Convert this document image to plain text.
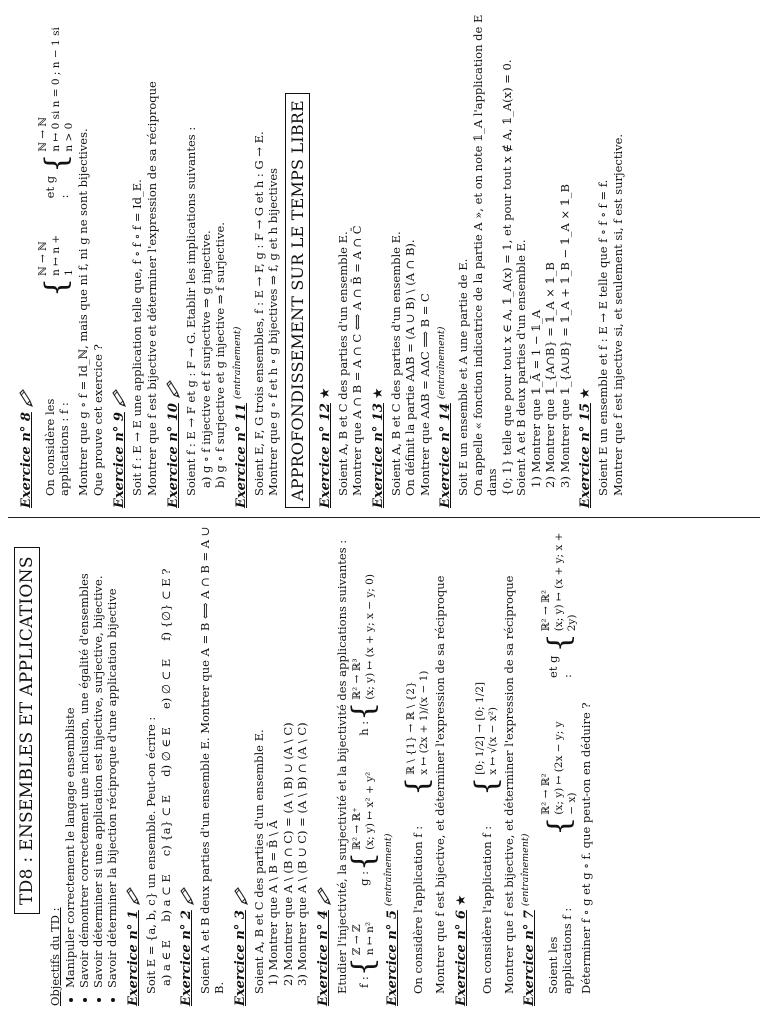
TD8 : ENSEMBLES ET APPLICATIONS
Objectifs du TD : • Manipuler correctement le langage ensembliste • Savoir démontrer correctement une inclusion, une égalité d'ensembles • Savoir déterminer si une application est injective, surjective, bijective. • Savoir déterminer la bijection réciproque d'une application bijective Exercice n° 1 Soit E = {a, b, c} un ensemble. Peut-on écrire : a) a ∈ E
b) a ⊂ E
c) {a} ⊂ E
d) ∅ ∈ E
e) ∅ ⊂ E
f) {∅} ⊂ E ?
Exercice n° 2 Soient A et B deux parties d'un ensemble E. Montrer que A = B ⟺ A ∩ B = A ∪ B. Exercice n° 3 Soient A, B et C des parties d'un ensemble E. 1) Montrer que A \ B = B̄ \ Ā 2) Montrer que A \ (B ∩ C) = (A \ B) ∪ (A \ C) 3) Montrer que A \ (B ∪ C) = (A \ B) ∩ (A \ C) Exercice n° 4 Etudier l'injectivité, la surjectivité et la bijectivité des applications suivantes : f :
{
ℤ → ℤ n ↦ n²
g :
{
ℝ² → ℝ⁺ (x; y) ↦ x² + y²
h :
{
ℝ² → ℝ³ (x; y) ↦ (x + y; x − y; 0)
Exercice n° 5
(entraînement) On considère l'application f :
{
ℝ \ {1} → ℝ \ {2} x ↦ (2x + 1)/(x − 1) Montrer que f est bijective, et déterminer l'expression de sa réciproque Exercice n° 6
★ On considère l'application f :
{
[0; 1/2] → [0; 1/2] x ↦ √(x − x²) Montrer que f est bijective, et déterminer l'expression de sa réciproque Exercice n° 7
(entraînement)
Soient les applications f :
{
ℝ² → ℝ² (x; y) ↦ (2x − y; y − x)
et g :
{
ℝ² → ℝ² (x; y) ↦ (x + y; x + 2y)
Déterminer f ∘ g et g ∘ f. que peut-on en déduire ?
Exercice n° 8 On considère les applications : f :
{
ℕ → ℕ n ↦ n + 1
et g :
{
ℕ → ℕ n ↦ 0 si n = 0 ; n − 1 si n > 0 Montrer que g ∘ f = Id_ℕ, mais que ni f, ni g ne sont bijectives. Que prouve cet exercice ? Exercice n° 9 Soit f : E → E une application telle que, f ∘ f ∘ f = Id_E. Montrer que f est bijective et déterminer l'expression de sa réciproque Exercice n° 10 Soient f : E → F et g : F → G. Etablir les implications suivantes : a) g ∘ f injective et f surjective ⇒ g injective. b) g ∘ f surjective et g injective ⇒ f surjective. Exercice n° 11
(entraînement) Soient E, F, G trois ensembles, f : E → F, g : F → G et h : G → E. Montrer que g ∘ f et h ∘ g bijectives ⇒ f, g et h bijectives APPROFONDISSEMENT SUR LE TEMPS LIBRE Exercice n° 12
★ Soient A, B et C des parties d'un ensemble E. Montrer que A ∩ B = A ∩ C ⟺ A ∩ B̄ = A ∩ C̄ Exercice n° 13
★ Soient A, B et C des parties d'un ensemble E. On définit la partie AΔB = (A ∪ B) \ (A ∩ B). Montrer que AΔB = AΔC ⟹ B = C Exercice n° 14
(entraînement) Soit E un ensemble et A une partie de E. On appelle « fonction indicatrice de la partie A », et on note 𝟙_A l'application de E dans {0; 1} telle que pour tout x ∈ A, 𝟙_A(x) = 1, et pour tout x ∉ A, 𝟙_A(x) = 0. Soient A et B deux parties d'un ensemble E. 1) Montrer que 𝟙_Ā = 1 − 𝟙_A 2) Montrer que 𝟙_{A∩B} = 𝟙_A × 𝟙_B 3) Montrer que 𝟙_{A∪B} = 𝟙_A + 𝟙_B − 𝟙_A × 𝟙_B Exercice n° 15
★ Soient E un ensemble et f : E → E telle que f ∘ f ∘ f = f. Montrer que f est injective si, et seulement si, f est surjective.
